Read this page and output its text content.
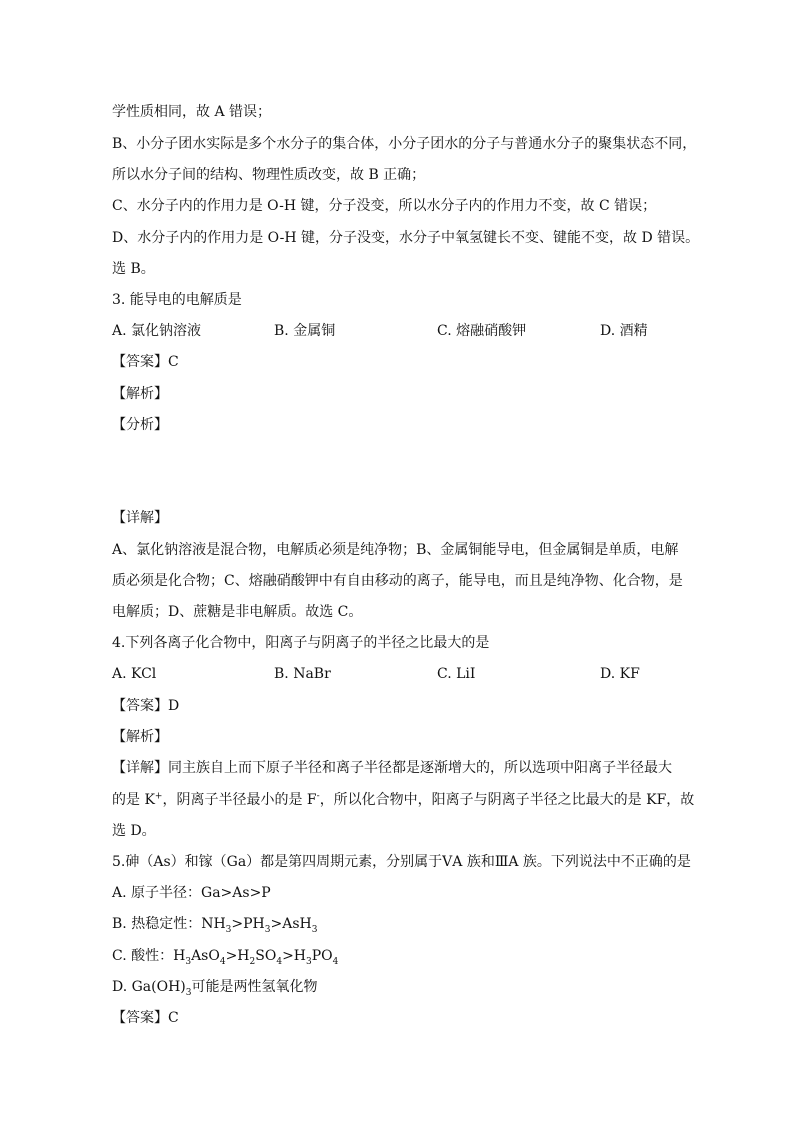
学性质相同，故 A 错误；
B、小分子团水实际是多个水分子的集合体，小分子团水的分子与普通水分子的聚集状态不同，
所以水分子间的结构、物理性质改变，故 B 正确；
C、水分子内的作用力是 O-H 键，分子没变，所以水分子内的作用力不变，故 C 错误；
D、水分子内的作用力是 O-H 键，分子没变，水分子中氧氢键长不变、键能不变，故 D 错误。
选 B。
3. 能导电的电解质是
A. 氯化钠溶液	B. 金属铜	C. 熔融硝酸钾	D. 酒精
【答案】C
【解析】
【分析】
【详解】
A、氯化钠溶液是混合物，电解质必须是纯净物；B、金属铜能导电，但金属铜是单质，电解
质必须是化合物；C、熔融硝酸钾中有自由移动的离子，能导电，而且是纯净物、化合物，是
电解质；D、蔗糖是非电解质。故选 C。
4.下列各离子化合物中，阳离子与阴离子的半径之比最大的是
A. KCl	B. NaBr	C. LiI	D. KF
【答案】D
【解析】
【详解】同主族自上而下原子半径和离子半径都是逐渐增大的，所以选项中阳离子半径最大
的是 K+，阴离子半径最小的是 F-，所以化合物中，阳离子与阴离子半径之比最大的是 KF，故
选 D。
5.砷（As）和镓（Ga）都是第四周期元素，分别属于ⅤA 族和ⅢA 族。下列说法中不正确的是
A. 原子半径：Ga>As>P
B. 热稳定性：$NH_3>PH_3>AsH_3$
C. 酸性：$H_3AsO_4>H_2SO_4>H_3PO_4$
D. $Ga(OH)_3$可能是两性氢氧化物
【答案】C
